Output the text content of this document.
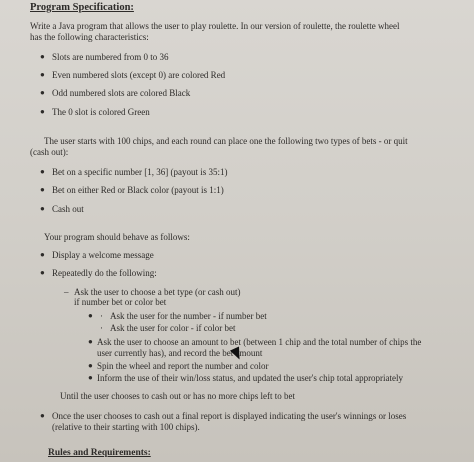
Program Specification:
Write a Java program that allows the user to play roulette. In our version of roulette, the roulette wheel
has the following characteristics:
● Slots are numbered from 0 to 36
● Even numbered slots (except 0) are colored Red
● Odd numbered slots are colored Black
● The 0 slot is colored Green
The user starts with 100 chips, and each round can place one the following two types of bets - or quit
(cash out):
● Bet on a specific number [1, 36] (payout is 35:1)
● Bet on either Red or Black color (payout is 1:1)
● Cash out
Your program should behave as follows:
● Display a welcome message
● Repeatedly do the following:
– Ask the user to choose a bet type (or cash out)
if number bet or color bet
● · Ask the user for the number - if number bet
· Ask the user for color - if color bet
● Ask the user to choose an amount to bet (between 1 chip and the total number of chips the
user currently has), and record the bet amount
● Spin the wheel and report the number and color
● Inform the use of their win/loss status, and updated the user's chip total appropriately
Until the user chooses to cash out or has no more chips left to bet
● Once the user chooses to cash out a final report is displayed indicating the user's winnings or loses
(relative to their starting with 100 chips).
Rules and Requirements:
